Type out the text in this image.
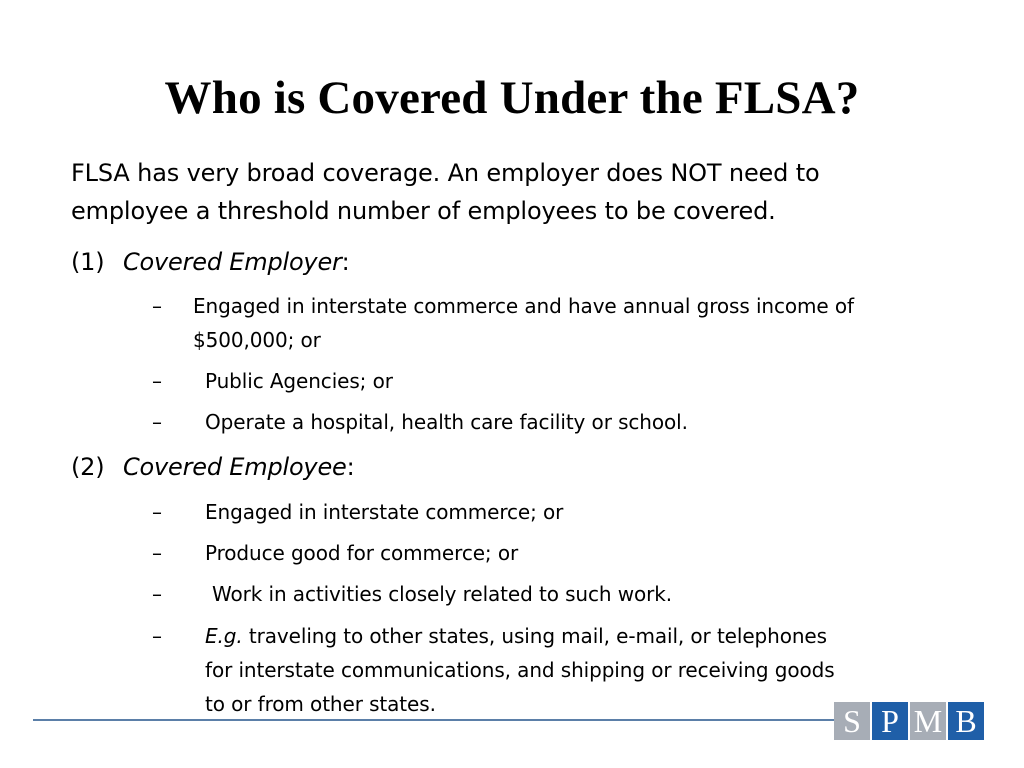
Who is Covered Under the FLSA?
FLSA has very broad coverage. An employer does NOT need to
employee a threshold number of employees to be covered.
(1) Covered Employer:
– Engaged in interstate commerce and have annual gross income of
$500,000; or
– Public Agencies; or
– Operate a hospital, health care facility or school.
(2) Covered Employee:
– Engaged in interstate commerce; or
– Produce good for commerce; or
–	Work in activities closely related to such work.
– E.g. traveling to other states, using mail, e-mail, or telephones
for interstate communications, and shipping or receiving goods
to or from other states.	S P M B
